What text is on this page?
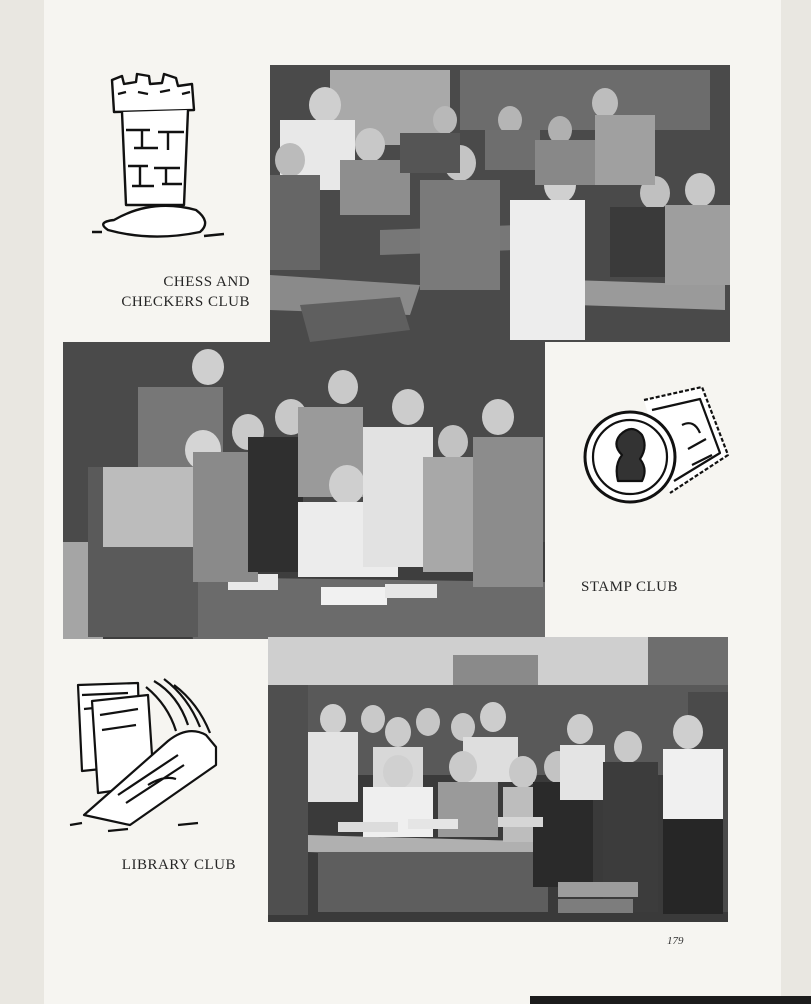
CHESS AND
CHECKERS CLUB
STAMP CLUB
LIBRARY CLUB
179
